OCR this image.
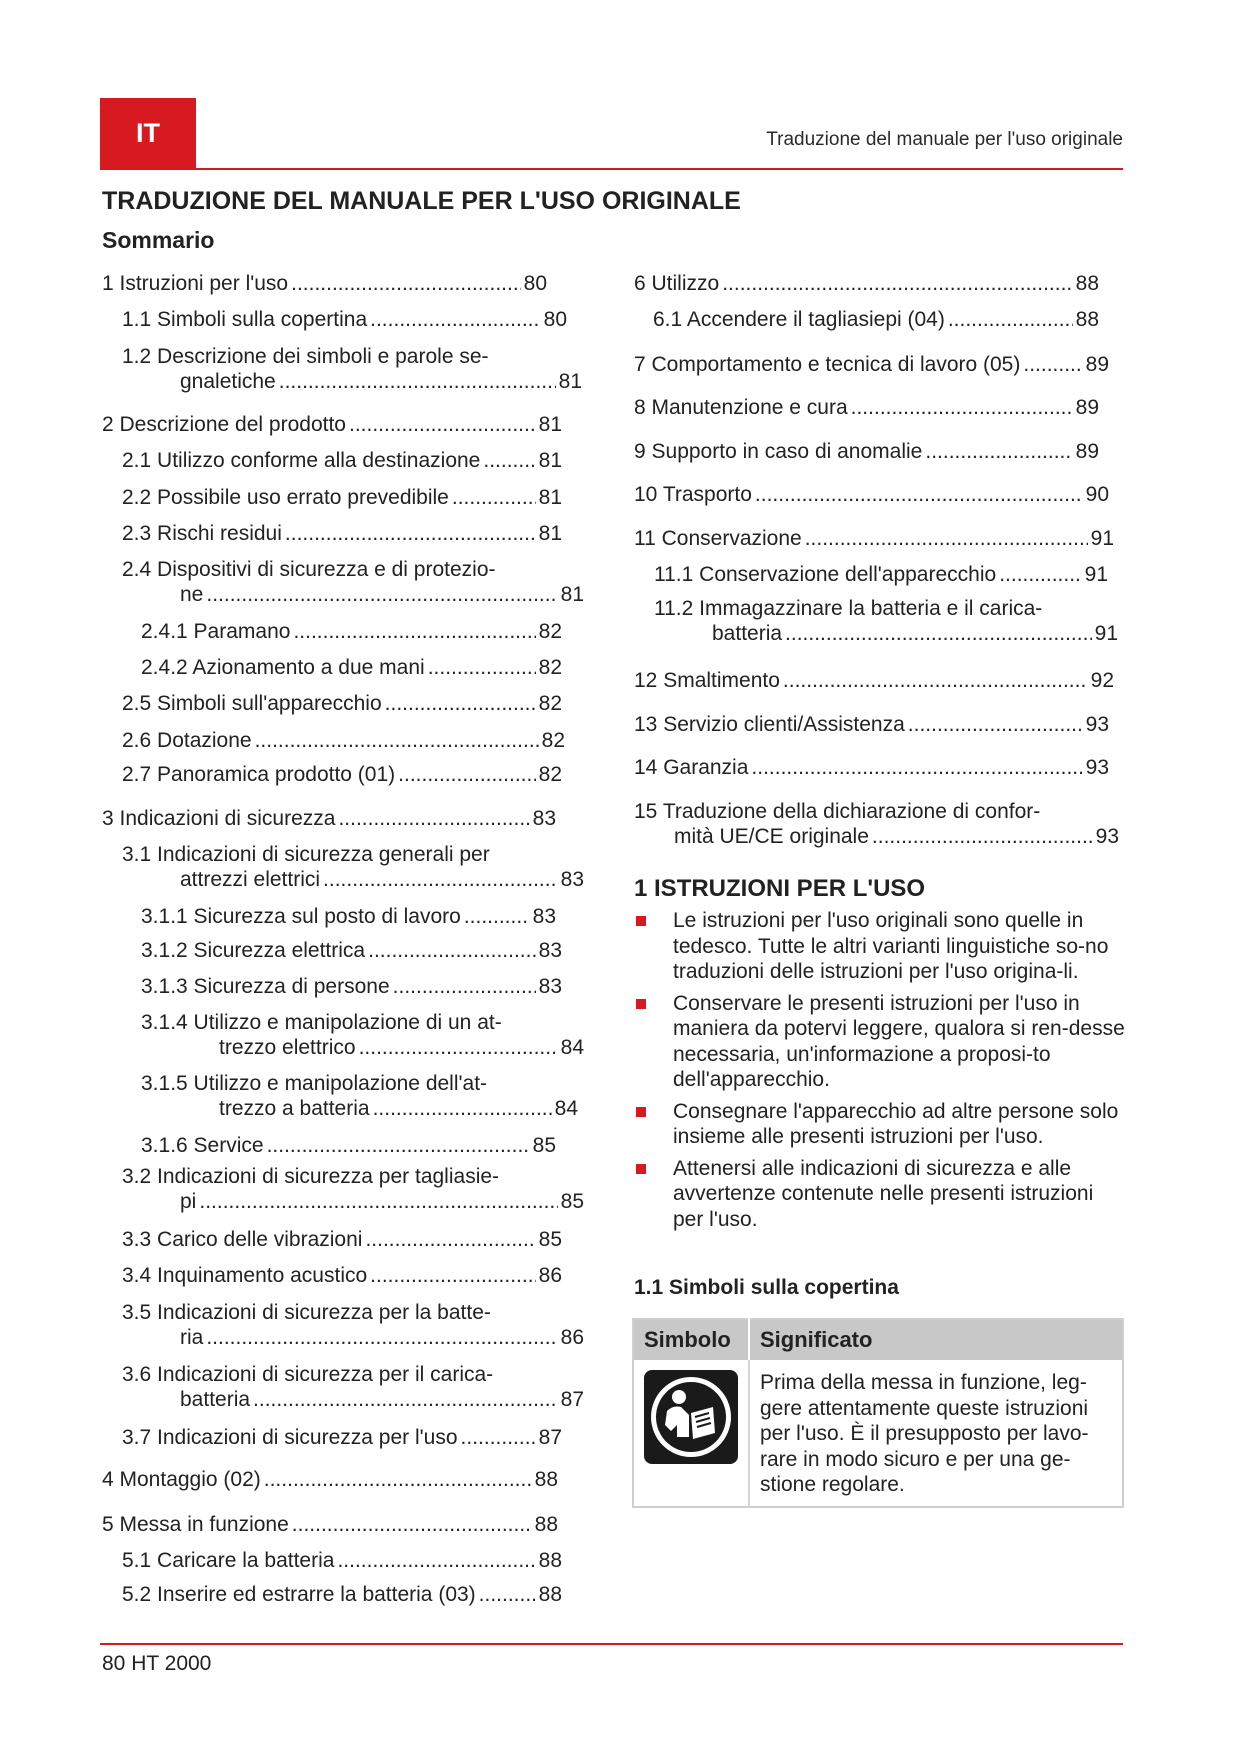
IT	Traduzione del manuale per l'uso originale
TRADUZIONE DEL MANUALE PER L'USO ORIGINALE
Sommario
1 Istruzioni per l'uso .....	80
1.1 Simboli sulla copertina .....	80
1.2 Descrizione dei simboli e parole se-
gnaletiche .....	81
2 Descrizione del prodotto .....	81
2.1 Utilizzo conforme alla destinazione .....	81
2.2 Possibile uso errato prevedibile .....	81
2.3 Rischi residui .....	81
2.4 Dispositivi di sicurezza e di protezio-
ne .....	81
2.4.1 Paramano .....	82
2.4.2 Azionamento a due mani .....	82
2.5 Simboli sull'apparecchio .....	82
2.6 Dotazione .....	82
2.7 Panoramica prodotto (01) .....	82
3 Indicazioni di sicurezza .....	83
3.1 Indicazioni di sicurezza generali per
attrezzi elettrici .....	83
3.1.1 Sicurezza sul posto di lavoro .....	83
3.1.2 Sicurezza elettrica .....	83
3.1.3 Sicurezza di persone .....	83
3.1.4 Utilizzo e manipolazione di un at-
trezzo elettrico .....	84
3.1.5 Utilizzo e manipolazione dell'at-
trezzo a batteria .....	84
3.1.6 Service .....	85
3.2 Indicazioni di sicurezza per tagliasie-
pi .....	85
3.3 Carico delle vibrazioni .....	85
3.4 Inquinamento acustico .....	86
3.5 Indicazioni di sicurezza per la batte-
ria .....	86
3.6 Indicazioni di sicurezza per il carica-
batteria .....	87
3.7 Indicazioni di sicurezza per l'uso .....	87
4 Montaggio (02) .....	88
5 Messa in funzione .....	88
5.1 Caricare la batteria .....	88
5.2 Inserire ed estrarre la batteria (03) .....	88
6 Utilizzo .....	88
6.1 Accendere il tagliasiepi (04) .....	88
7 Comportamento e tecnica di lavoro (05) .....	89
8 Manutenzione e cura .....	89
9 Supporto in caso di anomalie .....	89
10 Trasporto .....	90
11 Conservazione .....	91
11.1 Conservazione dell'apparecchio .....	91
11.2 Immagazzinare la batteria e il carica-
batteria .....	91
12 Smaltimento .....	92
13 Servizio clienti/Assistenza .....	93
14 Garanzia .....	93
15 Traduzione della dichiarazione di confor-
mità UE/CE originale .....	93
1 ISTRUZIONI PER L'USO
Le istruzioni per l'uso originali sono quelle in tedesco. Tutte le altri varianti linguistiche so-no traduzioni delle istruzioni per l'uso origina-li.
Conservare le presenti istruzioni per l'uso in maniera da potervi leggere, qualora si ren-desse necessaria, un'informazione a proposi-to dell'apparecchio.
Consegnare l'apparecchio ad altre persone solo insieme alle presenti istruzioni per l'uso.
Attenersi alle indicazioni di sicurezza e alle avvertenze contenute nelle presenti istruzioni per l'uso.
1.1 Simboli sulla copertina
Simbolo	Significato

	Prima della messa in funzione, leg-gere attentamente queste istruzioni per l'uso. È il presupposto per lavo-rare in modo sicuro e per una ge-stione regolare.
80 HT 2000
